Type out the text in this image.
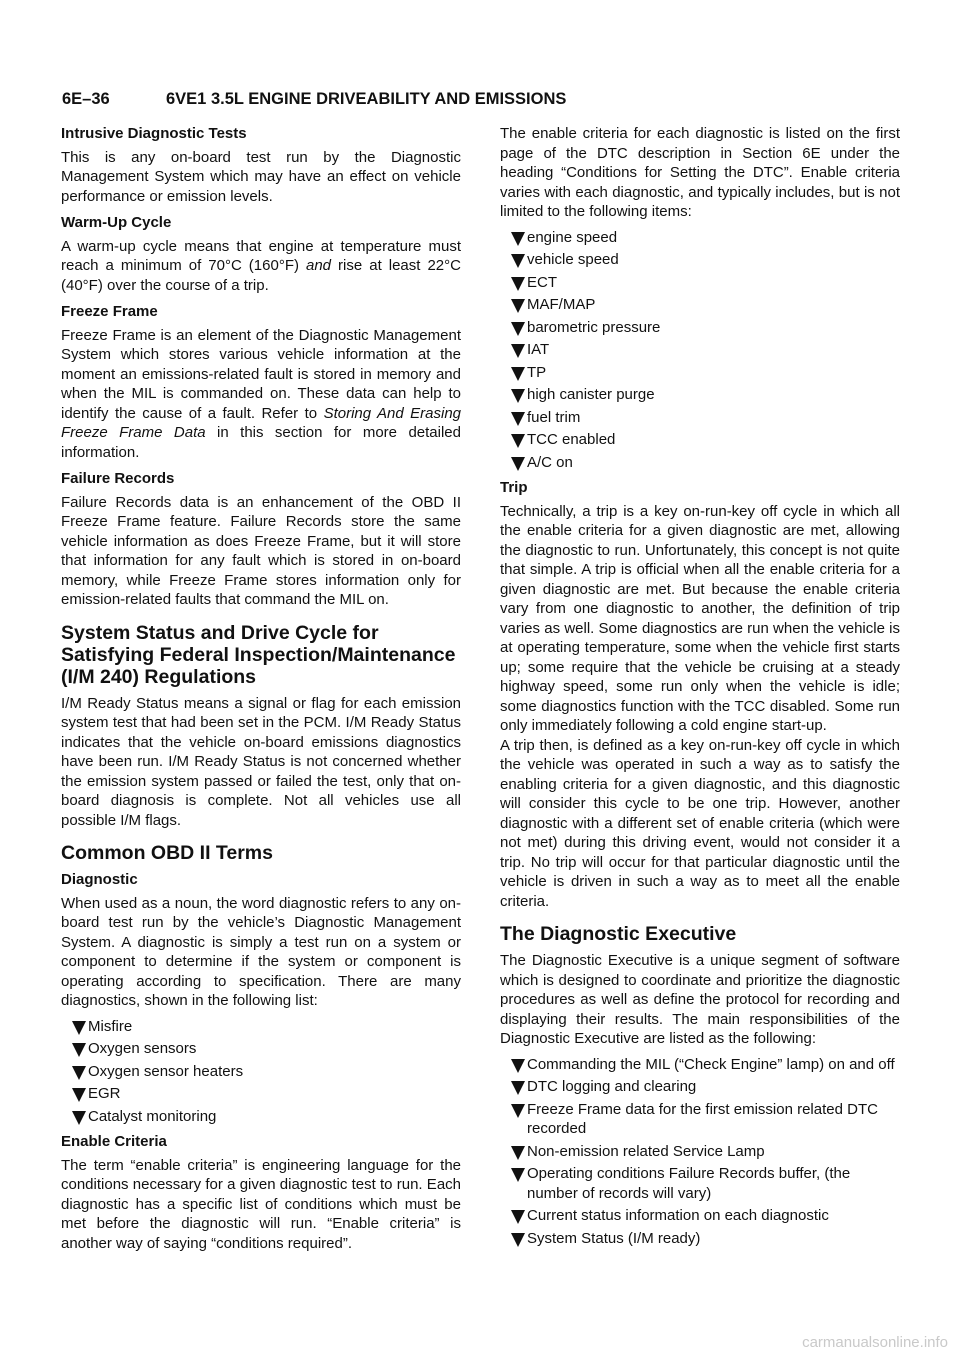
6E–36	6VE1 3.5L ENGINE DRIVEABILITY AND EMISSIONS
Intrusive Diagnostic Tests

This is any on-board test run by the Diagnostic Management System which may have an effect on vehicle performance or emission levels.

Warm-Up Cycle

A warm-up cycle means that engine at temperature must reach a minimum of 70°C (160°F) and rise at least 22°C (40°F) over the course of a trip.

Freeze Frame

Freeze Frame is an element of the Diagnostic Management System which stores various vehicle information at the moment an emissions-related fault is stored in memory and when the MIL is commanded on. These data can help to identify the cause of a fault. Refer to Storing And Erasing Freeze Frame Data in this section for more detailed information.

Failure Records

Failure Records data is an enhancement of the OBD II Freeze Frame feature. Failure Records store the same vehicle information as does Freeze Frame, but it will store that information for any fault which is stored in on-board memory, while Freeze Frame stores information only for emission-related faults that command the MIL on.

System Status and Drive Cycle for Satisfying Federal Inspection/Maintenance (I/M 240) Regulations

I/M Ready Status means a signal or flag for each emission system test that had been set in the PCM. I/M Ready Status indicates that the vehicle on-board emissions diagnostics have been run. I/M Ready Status is not concerned whether the emission system passed or failed the test, only that on-board diagnosis is complete. Not all vehicles use all possible I/M flags.

Common OBD II Terms
Diagnostic

When used as a noun, the word diagnostic refers to any on-board test run by the vehicle’s Diagnostic Management System. A diagnostic is simply a test run on a system or component to determine if the system or component is operating according to specification. There are many diagnostics, shown in the following list:

Misfire
Oxygen sensors
Oxygen sensor heaters
EGR
Catalyst monitoring
Enable Criteria

The term “enable criteria” is engineering language for the conditions necessary for a given diagnostic test to run. Each diagnostic has a specific list of conditions which must be met before the diagnostic will run. “Enable criteria” is another way of saying “conditions required”.

The enable criteria for each diagnostic is listed on the first page of the DTC description in Section 6E under the heading “Conditions for Setting the DTC”. Enable criteria varies with each diagnostic, and typically includes, but is not limited to the following items:

engine speed
vehicle speed
ECT
MAF/MAP
barometric pressure
IAT
TP
high canister purge
fuel trim
TCC enabled
A/C on
Trip

Technically, a trip is a key on-run-key off cycle in which all the enable criteria for a given diagnostic are met, allowing the diagnostic to run. Unfortunately, this concept is not quite that simple. A trip is official when all the enable criteria for a given diagnostic are met. But because the enable criteria vary from one diagnostic to another, the definition of trip varies as well. Some diagnostics are run when the vehicle is at operating temperature, some when the vehicle first starts up; some require that the vehicle be cruising at a steady highway speed, some run only when the vehicle is idle; some diagnostics function with the TCC disabled. Some run only immediately following a cold engine start-up.

A trip then, is defined as a key on-run-key off cycle in which the vehicle was operated in such a way as to satisfy the enabling criteria for a given diagnostic, and this diagnostic will consider this cycle to be one trip. However, another diagnostic with a different set of enable criteria (which were not met) during this driving event, would not consider it a trip. No trip will occur for that particular diagnostic until the vehicle is driven in such a way as to meet all the enable criteria.

The Diagnostic Executive

The Diagnostic Executive is a unique segment of software which is designed to coordinate and prioritize the diagnostic procedures as well as define the protocol for recording and displaying their results. The main responsibilities of the Diagnostic Executive are listed as the following:

Commanding the MIL (“Check Engine” lamp) on and off
DTC logging and clearing
Freeze Frame data for the first emission related DTC recorded
Non-emission related Service Lamp
Operating conditions Failure Records buffer, (the number of records will vary)
Current status information on each diagnostic
System Status (I/M ready)
carmanualsonline.info
